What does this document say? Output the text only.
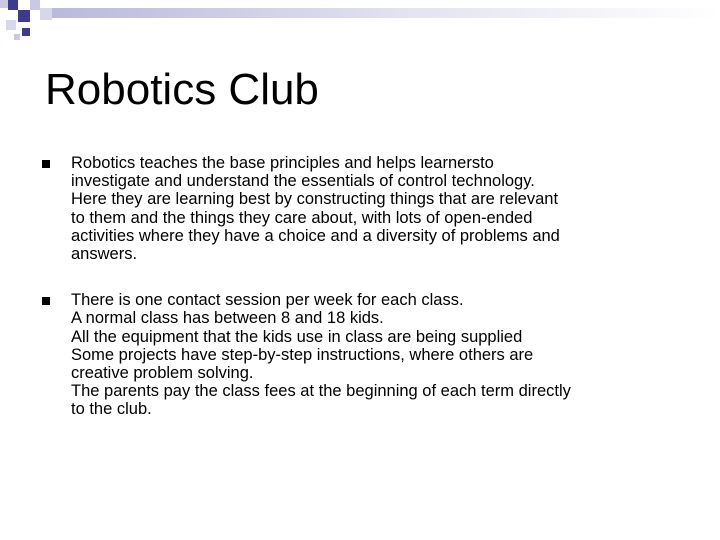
Robotics Club
Robotics teaches the base principles and helps learnersto
investigate and understand the essentials of control technology.
Here they are learning best by constructing things that are relevant
to them and the things they care about, with lots of open-ended
activities where they have a choice and a diversity of problems and
answers.
There is one contact session per week for each class.
A normal class has between 8 and 18 kids.
All the equipment that the kids use in class are being supplied
Some projects have step-by-step instructions, where others are
creative problem solving.
The parents pay the class fees at the beginning of each term directly
to the club.
